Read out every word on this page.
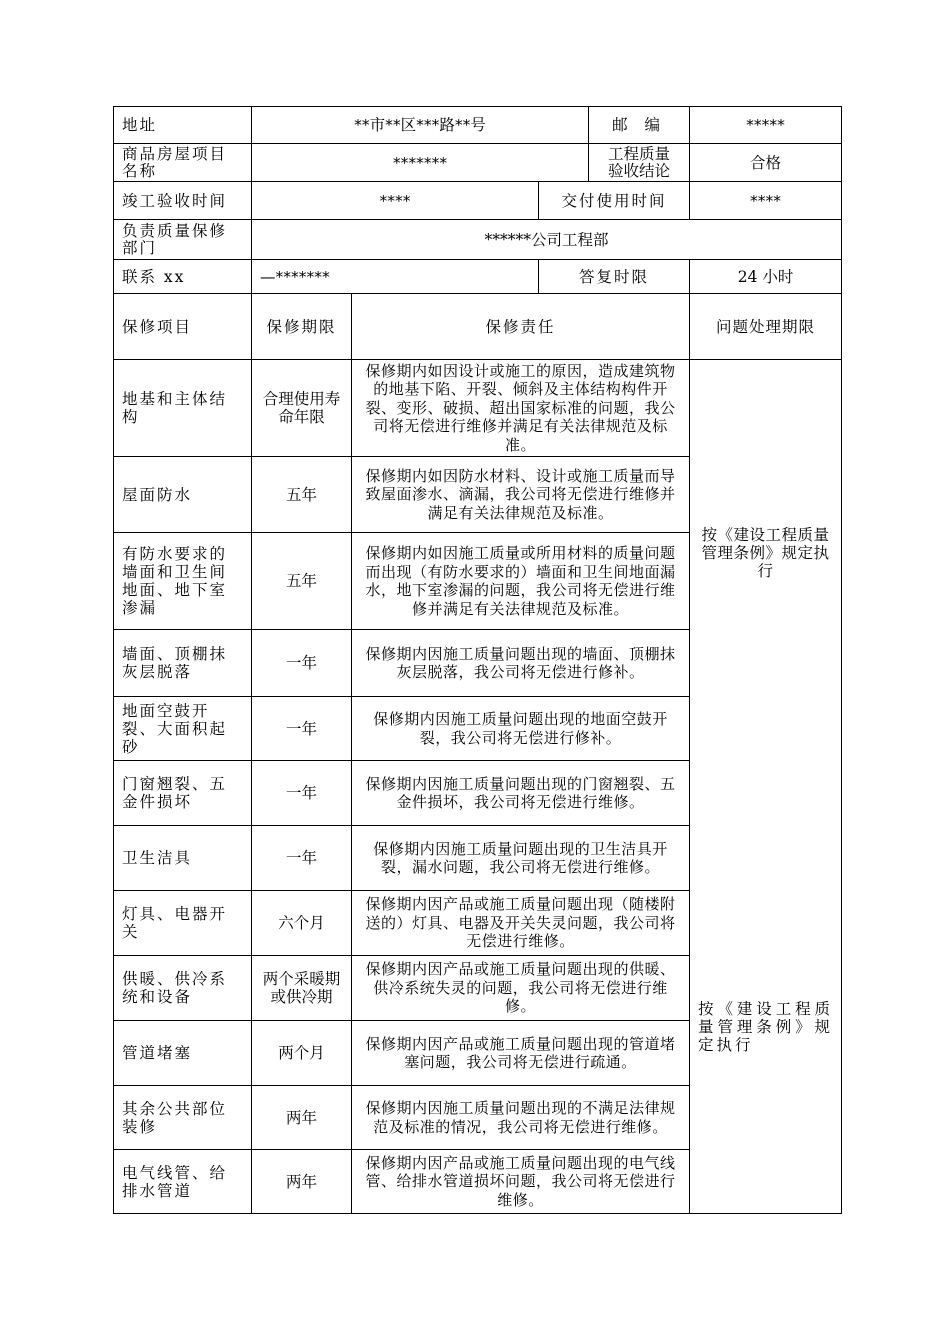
地址	**市**区***路**号			邮 编	*****
商品房屋项目名称	*******			工程质量验收结论	合格
竣工验收时间	****		交付使用时间		****
负责质量保修部门	******公司工程部				
联系 xx	—*******		答复时限		24 小时
保修项目	保修期限	保修责任			问题处理期限
地基和主体结构	合理使用寿命年限	保修期内如因设计或施工的原因，造成建筑物的地基下陷、开裂、倾斜及主体结构构件开裂、变形、破损、超出国家标准的问题，我公司将无偿进行维修并满足有关法律规范及标准。			按《建设工程质量管理条例》规定执行

屋面防水	五年	保修期内如因防水材料、设计或施工质量而导致屋面渗水、滴漏，我公司将无偿进行维修并满足有关法律规范及标准。			
有防水要求的墙面和卫生间地面、地下室渗漏	五年	保修期内如因施工质量或所用材料的质量问题而出现（有防水要求的）墙面和卫生间地面漏水，地下室渗漏的问题，我公司将无偿进行维修并满足有关法律规范及标准。			
墙面、顶棚抹灰层脱落	一年	保修期内因施工质量问题出现的墙面、顶棚抹灰层脱落，我公司将无偿进行修补。			
地面空鼓开裂、大面积起砂	一年	保修期内因施工质量问题出现的地面空鼓开裂，我公司将无偿进行修补。			
门窗翘裂、五金件损坏	一年	保修期内因施工质量问题出现的门窗翘裂、五金件损坏，我公司将无偿进行维修。			
卫生洁具	一年	保修期内因施工质量问题出现的卫生洁具开裂，漏水问题，我公司将无偿进行维修。			按《建设工程质量管理条例》规定执行

灯具、电器开关	六个月	保修期内因产品或施工质量问题出现（随楼附送的）灯具、电器及开关失灵问题，我公司将无偿进行维修。			
供暖、供冷系统和设备	两个采暖期或供冷期	保修期内因产品或施工质量问题出现的供暖、供冷系统失灵的问题，我公司将无偿进行维修。			
管道堵塞	两个月	保修期内因产品或施工质量问题出现的管道堵塞问题，我公司将无偿进行疏通。			
其余公共部位装修	两年	保修期内因施工质量问题出现的不满足法律规范及标准的情况，我公司将无偿进行维修。			
电气线管、给排水管道	两年	保修期内因产品或施工质量问题出现的电气线管、给排水管道损坏问题，我公司将无偿进行维修。			
